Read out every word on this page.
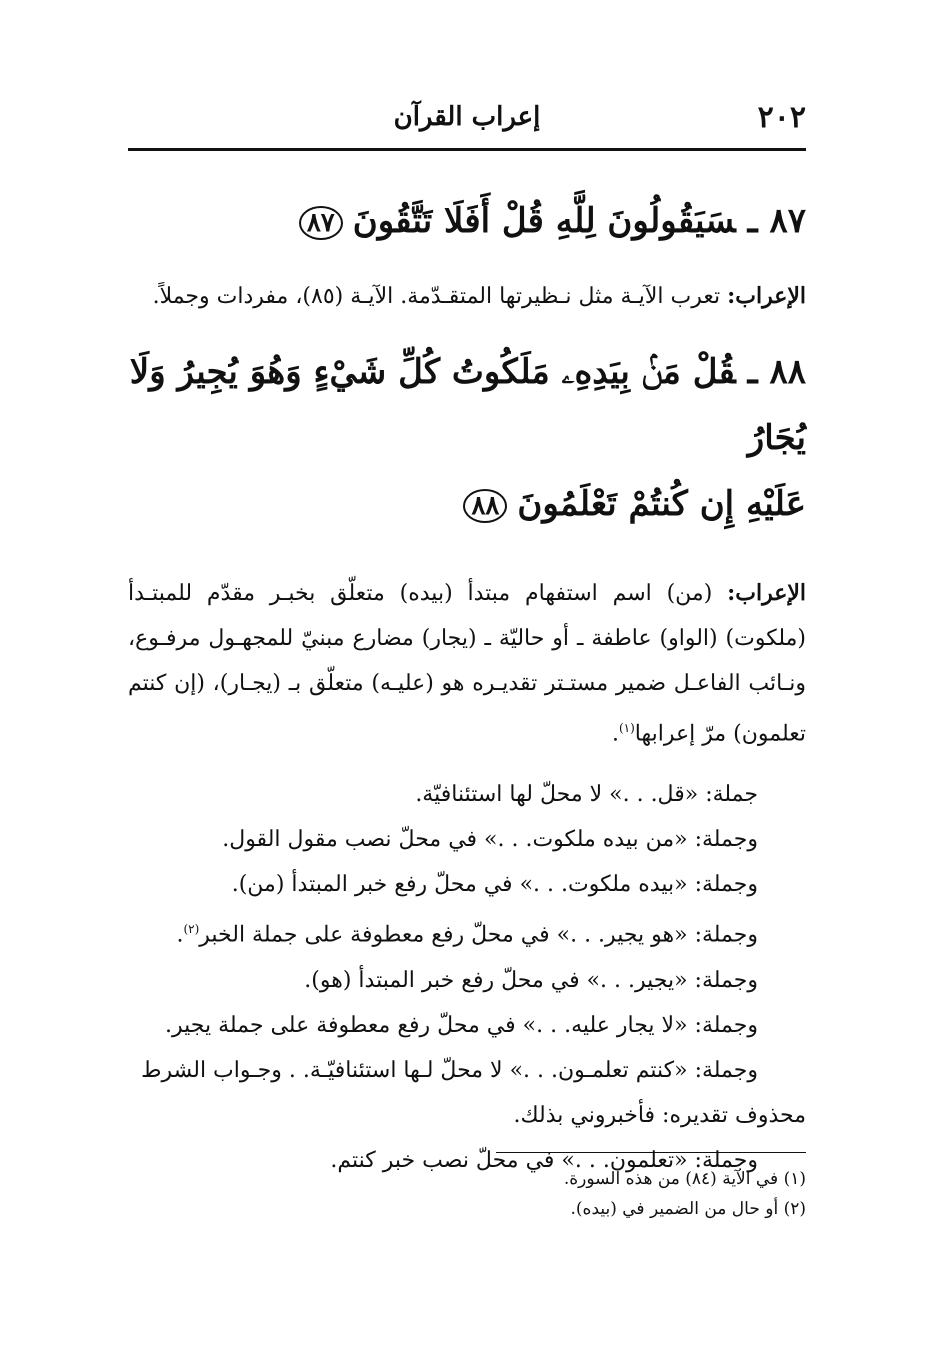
٢٠٢
إعراب القرآن

٨٧ ـسَيَقُولُونَ لِلَّهِ قُلْ أَفَلَا تَتَّقُونَ٨٧

الإعراب: تعرب الآيـة مثل نـظيرتها المتقـدّمة. الآيـة (٨٥)، مفردات وجملاً.

٨٨ ـقُلْ مَنۢ بِيَدِهِۦ مَلَكُوتُ كُلِّ شَيْءٍ وَهُوَ يُجِيرُ وَلَا يُجَارُ
عَلَيْهِ إِن كُنتُمْ تَعْلَمُونَ٨٨

الإعراب: (من) اسم استفهام مبتدأ (بيده) متعلّق بخبـر مقدّم للمبتـدأ (ملكوت) (الواو) عاطفة ـ أو حاليّة ـ (يجار) مضارع مبنيّ للمجهـول مرفـوع، ونـائب الفاعـل ضمير مستـتر تقديـره هو (عليـه) متعلّق بـ (يجـار)، (إن كنتم تعلمون) مرّ إعرابها$^{(١)}$.

جملة: «قل. . .» لا محلّ لها استئنافيّة.

وجملة: «من بيده ملكوت. . .» في محلّ نصب مقول القول.

وجملة: «بيده ملكوت. . .» في محلّ رفع خبر المبتدأ (من).

وجملة: «هو يجير. . .» في محلّ رفع معطوفة على جملة الخبر$^{(٢)}$.

وجملة: «يجير. . .» في محلّ رفع خبر المبتدأ (هو).

وجملة: «لا يجار عليه. . .» في محلّ رفع معطوفة على جملة يجير.

وجملة: «كنتم تعلمـون. . .» لا محلّ لـها استئنافيّـة. . وجـواب الشرط

محذوف تقديره: فأخبروني بذلك.

وجملة: «تعلمون. . .» في محلّ نصب خبر كنتم.

(١) في الآية (٨٤) من هذه السورة.

(٢) أو حال من الضمير في (بيده).
